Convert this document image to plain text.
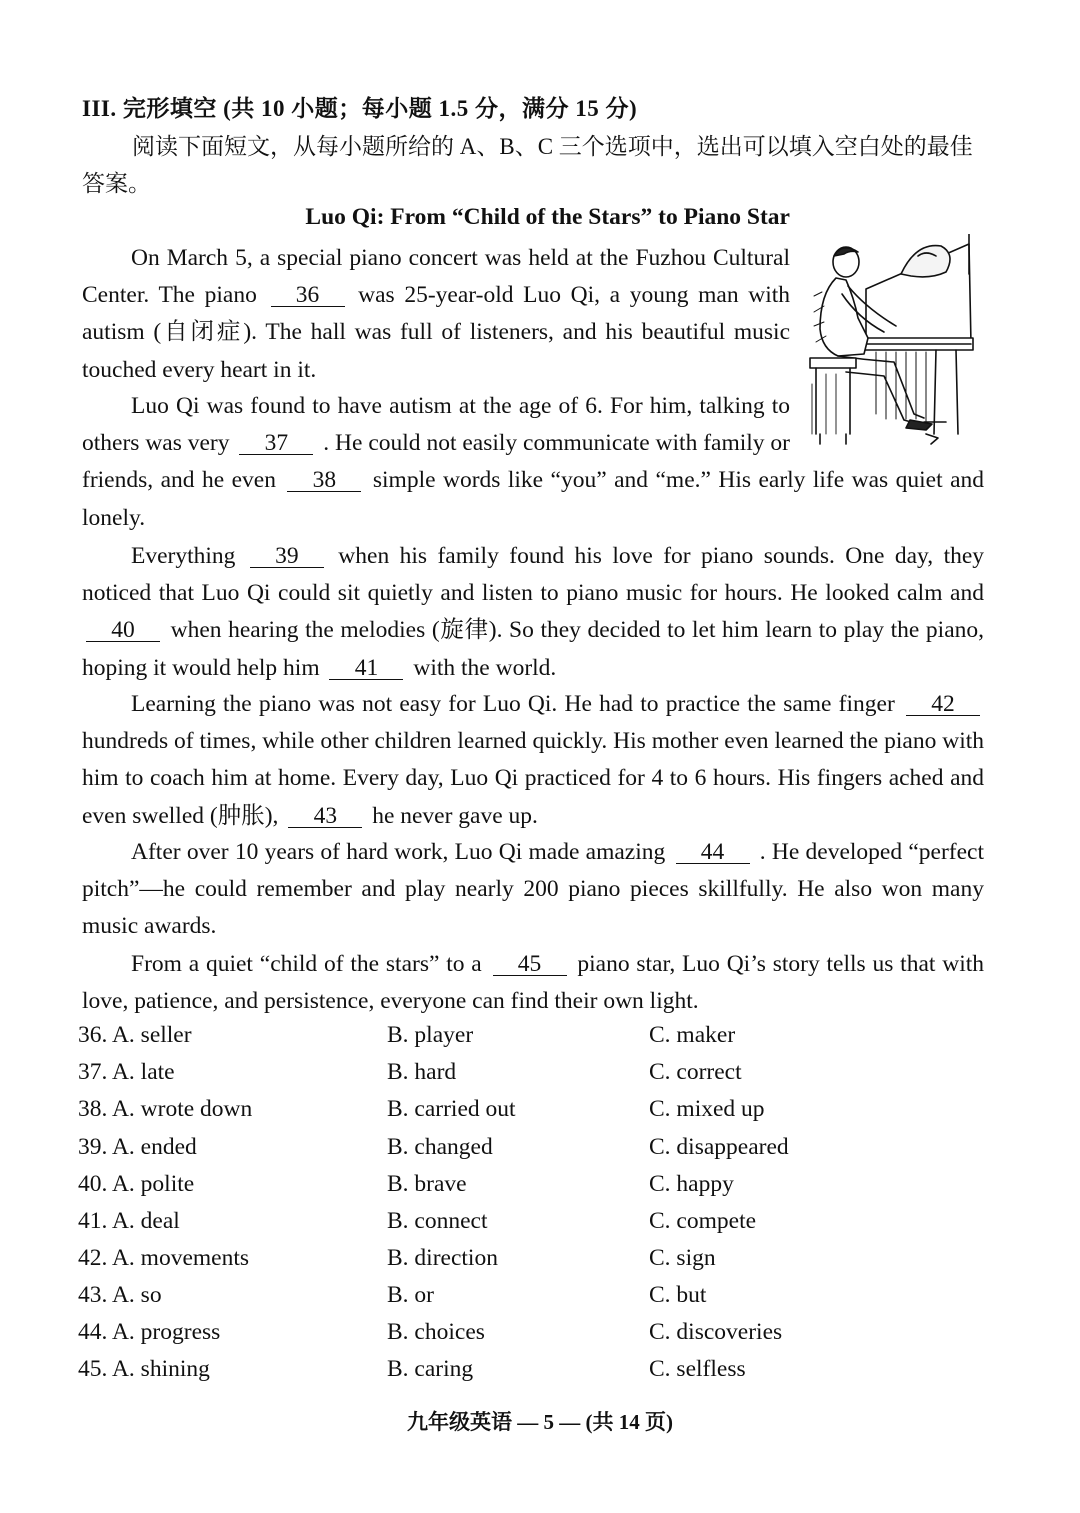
III. 完形填空 (共 10 小题；每小题 1.5 分，满分 15 分)
阅读下面短文，从每小题所给的 A、B、C 三个选项中，选出可以填入空白处的最佳答案。
Luo Qi: From “Child of the Stars” to Piano Star
On March 5, a special piano concert was held at the Fuzhou Cultural Center. The piano 36 was 25-year-old Luo Qi, a young man with autism (自闭症). The hall was full of listeners, and his beautiful music touched every heart in it.
Luo Qi was found to have autism at the age of 6. For him, talking to others was very 37 . He could not easily communicate with family or friends, and he even 38 simple words like “you” and “me.” His early life was quiet and lonely.
Everything 39 when his family found his love for piano sounds. One day, they noticed that Luo Qi could sit quietly and listen to piano music for hours. He looked calm and 40 when hearing the melodies (旋律). So they decided to let him learn to play the piano, hoping it would help him 41 with the world.
Learning the piano was not easy for Luo Qi. He had to practice the same finger 42 hundreds of times, while other children learned quickly. His mother even learned the piano with him to coach him at home. Every day, Luo Qi practiced for 4 to 6 hours. His fingers ached and even swelled (肿胀), 43 he never gave up.
After over 10 years of hard work, Luo Qi made amazing 44 . He developed “perfect pitch”—he could remember and play nearly 200 piano pieces skillfully. He also won many music awards.
From a quiet “child of the stars” to a 45 piano star, Luo Qi’s story tells us that with love, patience, and persistence, everyone can find their own light.
36. A. seller	B. player	C. maker
37. A. late	B. hard	C. correct
38. A. wrote down	B. carried out	C. mixed up
39. A. ended	B. changed	C. disappeared
40. A. polite	B. brave	C. happy
41. A. deal	B. connect	C. compete
42. A. movements	B. direction	C. sign
43. A. so	B. or	C. but
44. A. progress	B. choices	C. discoveries
45. A. shining	B. caring	C. selfless
九年级英语 — 5 — (共 14 页)
